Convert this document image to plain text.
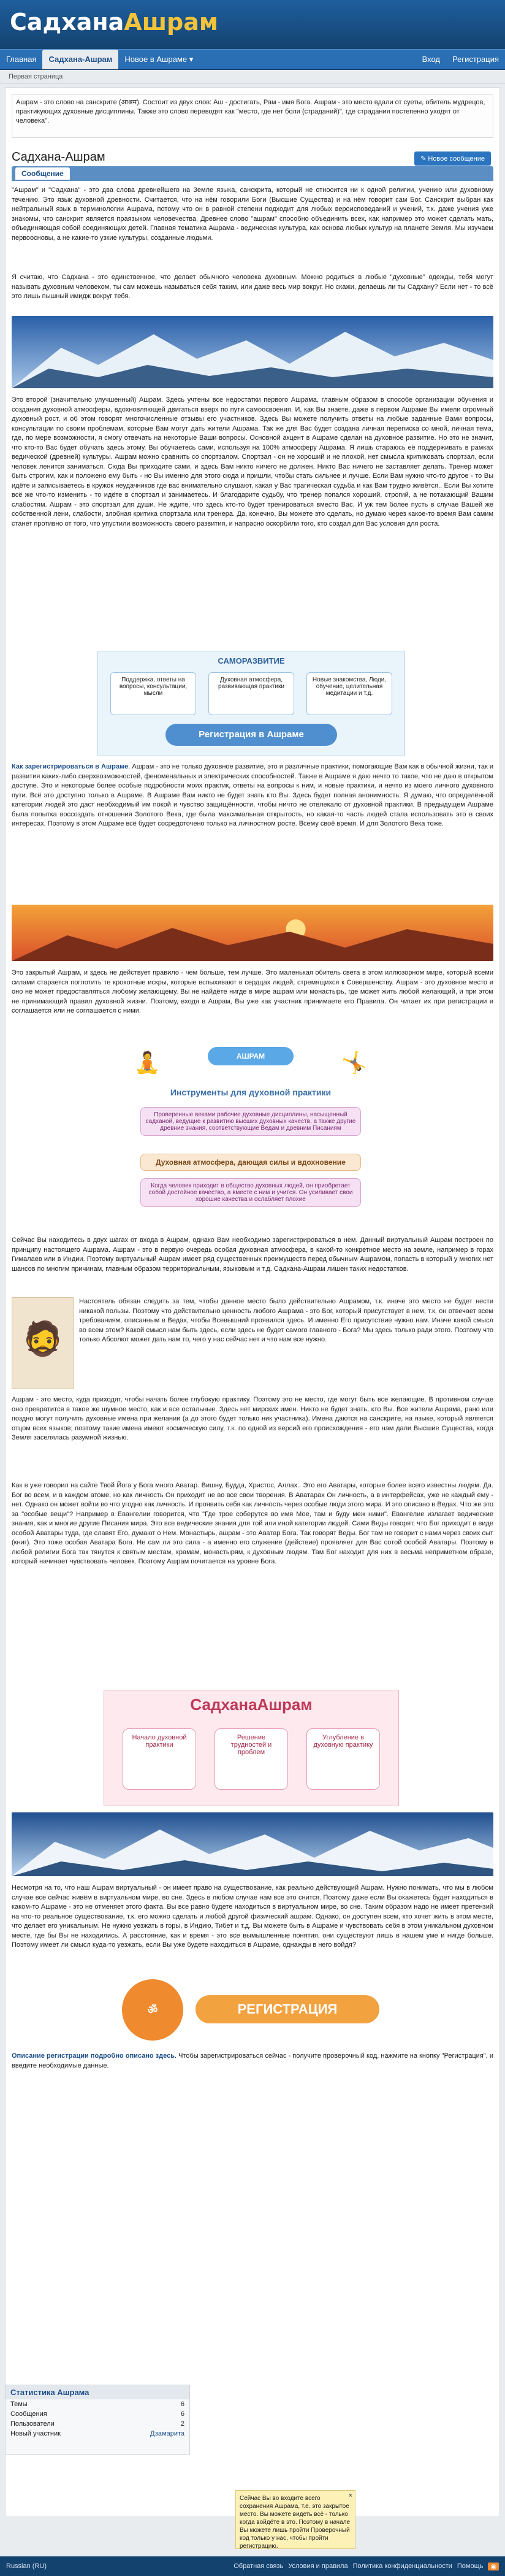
СадханаАшрам
Главная	Садхана-Ашрам	Новое в Ашраме ▾	Вход	Регистрация
Первая страница
Ашрам - это слово на санскрите (आश्रम). Состоит из двух слов: Аш - достигать, Рам - имя Бога. Ашрам - это место вдали от суеты, обитель мудрецов, практикующих духовные дисциплины. Также это слово переводят как "место, где нет боли (страданий)", где страдания постепенно уходят от человека".
Садхана-Ашрам	✎ Новое сообщение
Сообщение
"Ашрам" и "Садхана" - это два слова древнейшего на Земле языка, санскрита, который не относится ни к одной религии, учению или духовному течению. Это язык духовной древности. Считается, что на нём говорили Боги (Высшие Существа) и на нём говорит сам Бог. Санскрит выбран как нейтральный язык в терминологии Ашрама, потому что он в равной степени подходит для любых вероисповеданий и учений, т.к. даже учения уже знакомы, что санскрит является праязыком человечества. Древнее слово "ашрам" способно объединить всех, как например это может сделать мать, объединяющая собой соединяющих детей. Главная тематика Ашрама - ведическая культура, как основа любых культур на планете Земля. Мы изучаем первоосновы, а не какие-то узкие культуры, созданные людьми.
Я считаю, что Садхана - это единственное, что делает обычного человека духовным. Можно родиться в любые "духовные" одежды, тебя могут называть духовным человеком, ты сам можешь называться себя таким, или даже весь мир вокруг. Но скажи, делаешь ли ты Садхану? Если нет - то всё это лишь пышный имидж вокруг тебя.
Это второй (значительно улучшенный) Ашрам. Здесь учтены все недостатки первого Ашрама, главным образом в способе организации обучения и создания духовной атмосферы, вдохновляющей двигаться вверх по пути самоосвоения. И, как Вы знаете, даже в первом Ашраме Вы имели огромный духовный рост, и об этом говорят многочисленные отзывы его участников. Здесь Вы можете получить ответы на любые заданные Вами вопросы, консультации по своим проблемам, которые Вам могут дать жители Ашрама. Так же для Вас будет создана личная переписка со мной, личная тема, где, по мере возможности, я смогу отвечать на некоторые Ваши вопросы. Основной акцент в Ашраме сделан на духовное развитие. Но это не значит, что кто-то Вас будет обучать здесь этому. Вы обучаетесь сами, используя на 100% атмосферу Ашрама. Я лишь стараюсь её поддерживать в рамках ведической (древней) культуры. Ашрам можно сравнить со спортзалом. Спортзал - он не хороший и не плохой, нет смысла критиковать спортзал, если человек ленится заниматься. Сюда Вы приходите сами, и здесь Вам никто ничего не должен. Никто Вас ничего не заставляет делать. Тренер может быть строгим, как и положено ему быть - но Вы именно для этого сюда и пришли, чтобы стать сильнее и лучше. Если Вам нужно что-то другое - то Вы идёте и записываетесь в кружок неудачников где вас внимательно слушают, какая у Вас трагическая судьба и как Вам трудно живётся.. Если Вы хотите всё же что-то изменить - то идёте в спортзал и занимаетесь. И благодарите судьбу, что тренер попался хороший, строгий, а не потакающий Вашим слабостям. Ашрам - это спортзал для души. Не ждите, что здесь кто-то будет тренироваться вместо Вас. И уж тем более пусть в случае Вашей же собственной лени, слабости, злобная критика спортзала или тренера. Да, конечно, Вы можете это сделать, но думаю через какое-то время Вам самим станет противно от того, что упустили возможность своего развития, и напрасно оскорбили того, кто создал для Вас условия для роста.
САМОРАЗВИТИЕ
Поддержка, ответы на вопросы, консультации, мысли
Духовная атмосфера, развивающая практики
Новые знакомства, Люди, обучение, целительная медитации и т.д.
Регистрация в Ашраме
Как зарегистрироваться в Ашраме. Ашрам - это не только духовное развитие, это и различные практики, помогающие Вам как в обычной жизни, так и развития каких-либо сверхвозможностей, феноменальных и электрических способностей. Также в Ашраме я даю нечто то такое, что не даю в открытом доступе. Это и некоторые более особые подробности моих практик, ответы на вопросы к ним, и новые практики, и нечто из моего личного духовного пути. Всё это доступно только в Ашраме. В Ашраме Вам никто не будет знать кто Вы. Здесь будет полная анонимность. Я думаю, что определённой категории людей это даст необходимый им покой и чувство защищённости, чтобы ничто не отвлекало от духовной практики. В предыдущем Ашраме была попытка воссоздать отношения Золотого Века, где была максимальная открытость, но какая-то часть людей стала использовать это в своих интересах. Поэтому в этом Ашраме всё будет сосредоточено только на личностном росте. Всему своё время. И для Золотого Века тоже.
Это закрытый Ашрам, и здесь не действует правило - чем больше, тем лучше. Это маленькая обитель света в этом иллюзорном мире, который всеми силами старается поглотить те крохотные искры, которые вспыхивают в сердцах людей, стремящихся к Совершенству. Ашрам - это духовное место и оно не может предоставляться любому желающему. Вы не найдёте нигде в мире ашрам или монастырь, где может жить любой желающий, и при этом не принимающий правил духовной жизни. Поэтому, входя в Ашрам, Вы уже как участник принимаете его Правила. Он читает их при регистрации и соглашается или не соглашается с ними.
АШРАМ
🧘	🤸
Инструменты для духовной практики
Проверенные веками рабочие духовные дисциплины, насыщенный садханой, ведущие к развитию высших духовных качеств, а также другие древние знания, соответствующие Ведам и древним Писаниям
Духовная атмосфера, дающая силы и вдохновение
Когда человек приходит в общество духовных людей, он приобретает собой достойное качество, а вместе с ним и учится. Он усиливает свои хорошие качества и ослабляет плохие
Сейчас Вы находитесь в двух шагах от входа в Ашрам, однако Вам необходимо зарегистрироваться в нем. Данный виртуальный Ашрам построен по принципу настоящего Ашрама. Ашрам - это в первую очередь особая духовная атмосфера, в какой-то конкретное место на земле, например в горах Гималаев или в Индии. Поэтому виртуальный Ашрам имеет ряд существенных преимуществ перед обычным Ашрамом, попасть в который у многих нет шансов по многим причинам, главным образом территориальным, языковым и т.д. Садхана-Ашрам лишен таких недостатков.
🧔
Настоятель обязан следить за тем, чтобы данное место было действительно Ашрамом, т.к. иначе это место не будет нести никакой пользы. Поэтому что действительно ценность любого Ашрама - это Бог, который присутствует в нем, т.к. он отвечает всем требованиям, описанным в Ведах, чтобы Всевышний проявился здесь. И именно Его присутствие нужно нам. Иначе какой смысл во всем этом? Какой смысл нам быть здесь, если здесь не будет самого главного - Бога? Мы здесь только ради этого. Поэтому что только Абсолют может дать нам то, чего у нас сейчас нет и что нам все нужно.
Ашрам - это место, куда приходят, чтобы начать более глубокую практику. Поэтому это не место, где могут быть все желающие. В противном случае оно превратится в такое же шумное место, как и все остальные. Здесь нет мирских имен. Никто не будет знать, кто Вы. Все жители Ашрама, рано или поздно могут получить духовные имена при желании (а до этого будет только ник участника). Имена даются на санскрите, на языке, который является отцом всех языков; поэтому такие имена имеют космическую силу, т.к. по одной из версий его происхождения - его нам дали Высшие Существа, когда Земля заселялась разумной жизнью.
Как в уже говорил на сайте Твой Йога у Бога много Аватар. Вишну, Будда, Христос, Аллах.. Это его Аватары, которые более всего известны людям. Да. Бог во всем, и в каждом атоме, но как личность Он приходит не во все свои творения. В Аватарах Он личность, а в интерфейсах, уже не каждый ему - нет. Однако он может войти во что угодно как личность. И проявить себя как личность через особые люди этого мира. И это описано в Ведах. Что же это за "особые вещи"? Например в Евангелии говорится, что "Где трое соберутся во имя Мое, там и буду меж ними". Евангелие излагает ведические знания, как и многие другие Писания мира. Это все ведические знания для той или иной категории людей. Сами Веды говорят, что Бог приходит в виде особой Аватары туда, где славят Его, думают о Нем. Монастырь, ашрам - это Аватар Бога. Так говорят Веды. Бог там не говорит с нами через своих сыт (книг). Это тоже особая Аватара Бога. Не сам ли это сила - а именно его служение (действие) проявляет для Вас сотой особой Аватары. Поэтому в любой религии Бога так тянутся к святым местам, храмам, монастырям, к духовным людям. Там Бог находит для них в весьма неприметном образе, который начинает чувствовать человек. Поэтому Ашрам почитается на уровне Бога.
СадханаАшрам
Начало духовной практики
Решение трудностей и проблем
Углубление в духовную практику
Несмотря на то, что наш Ашрам виртуальный - он имеет право на существование, как реально действующий Ашрам. Нужно понимать, что мы в любом случае все сейчас живём в виртуальном мире, во сне. Здесь в любом случае нам все это снится. Поэтому даже если Вы окажетесь будет находиться в каком-то Ашраме - это не отменяет этого факта. Вы все равно будете находиться в виртуальном мире, во сне. Таким образом надо не имеет претензий на что-то реальное существование, т.к. его можно сделать и любой другой физический ашрам. Однако, он доступен всем, кто хочет жить в этом месте, что делает его уникальным. Не нужно уезжать в горы, в Индию, Тибет и т.д. Вы можете быть в Ашраме и чувствовать себя в этом уникальном духовном месте, где бы Вы не находились. А расстояние, как и время - это все вымышленные понятия, они существуют лишь в нашем уме и нигде больше. Поэтому имеет ли смысл куда-то уезжать, если Вы уже будете находиться в Ашраме, однажды в него войдя?
ॐ	РЕГИСТРАЦИЯ
Описание регистрации подробно описано здесь. Чтобы зарегистрироваться сейчас - получите проверочный код, нажмите на кнопку "Регистрация", и введите необходимые данные.
Статистика Ашрама
Темы	6
Сообщения	6
Пользователи	2
Новый участник	Дзамарита
×
Сейчас Вы во входите всего сохранения Ашрама, т.е. это закрытое место. Вы можете видеть всё - только когда войдёте в это. Поэтому в начале Вы можете лишь пройти Проверочный код только у нас, чтобы пройти регистрацию.
Russian (RU)	Обратная связь Условия и правила Политика конфиденциальности Помощь	◉
